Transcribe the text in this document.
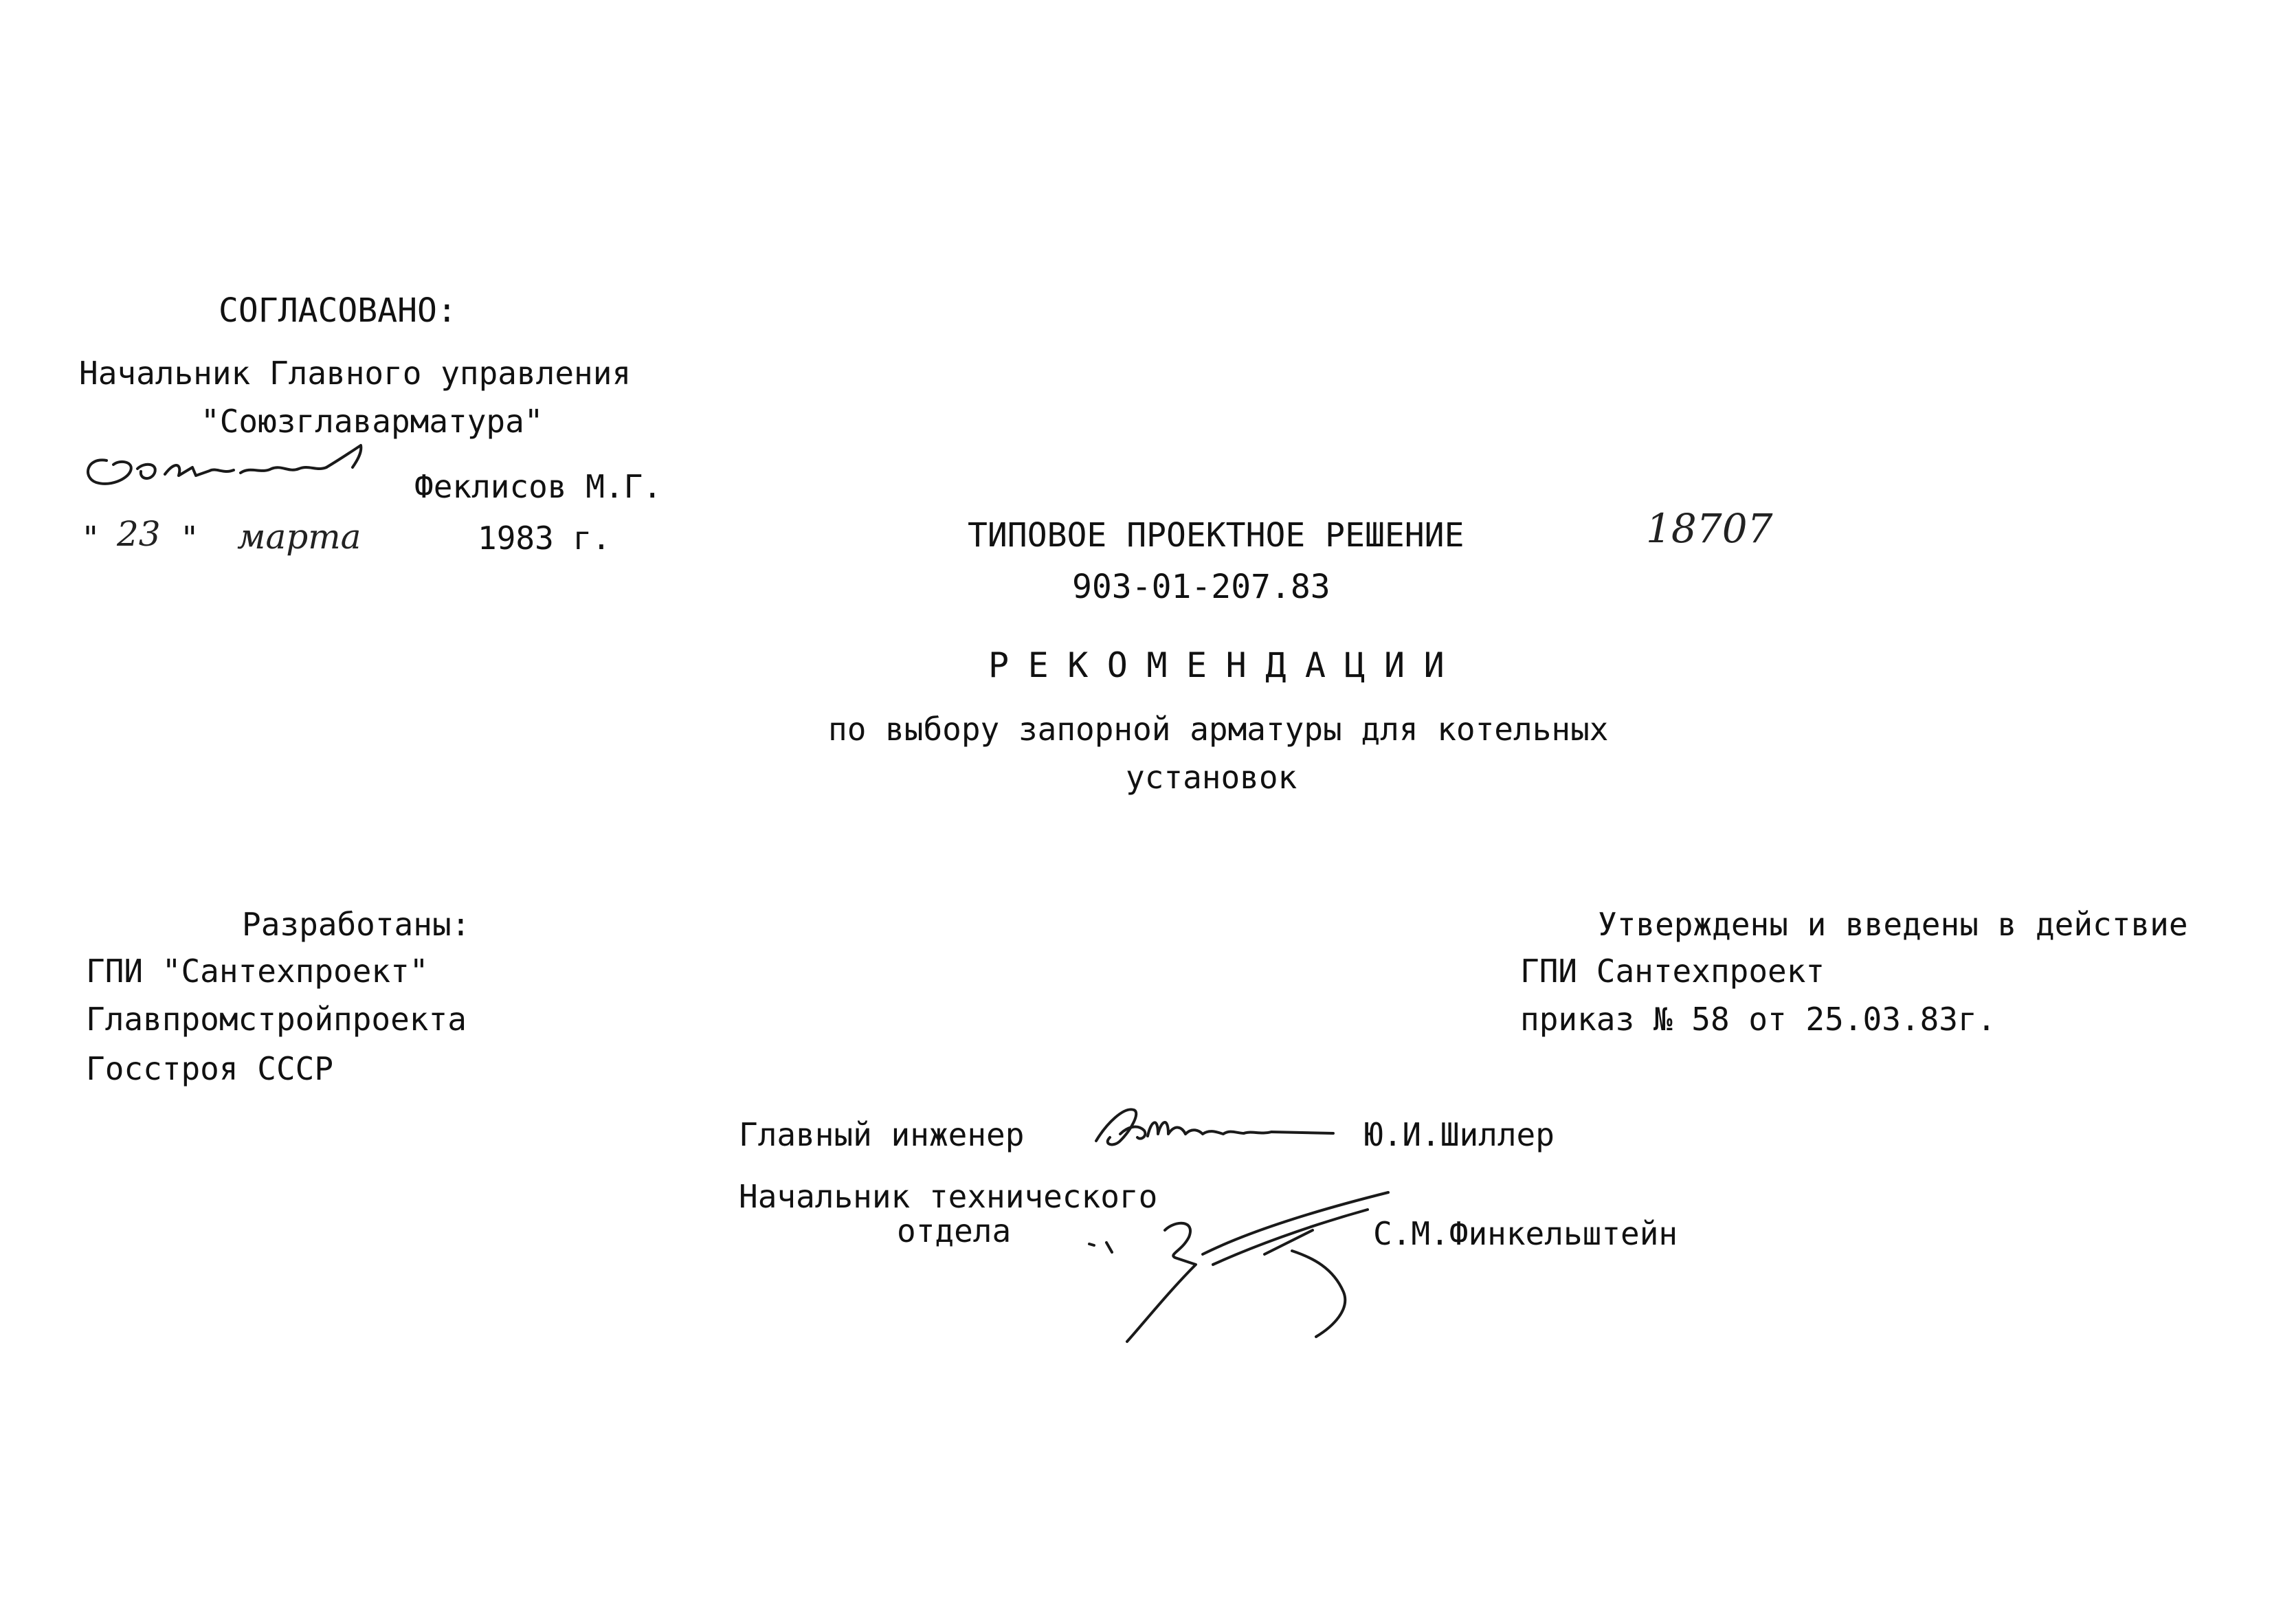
СОГЛАСОВАНО:
Начальник Главного управления
"Союзглаварматура"
Феклисов М.Г.
" 23 " марта	1983 г.	ТИПОВОЕ ПРОЕКТНОЕ РЕШЕНИЕ	18707
903-01-207.83
РЕКОМЕНДАЦИИ
по выбору запорной арматуры для котельных
установок
Разработаны:
ГПИ "Сантехпроект"
Главпромстройпроекта
Госстроя СССР
Утверждены и введены в действие
ГПИ Сантехпроект
приказ № 58 от 25.03.83г.
Главный инженер	Ю.И.Шиллер
Начальник технического
отдела	С.М.Финкельштейн
